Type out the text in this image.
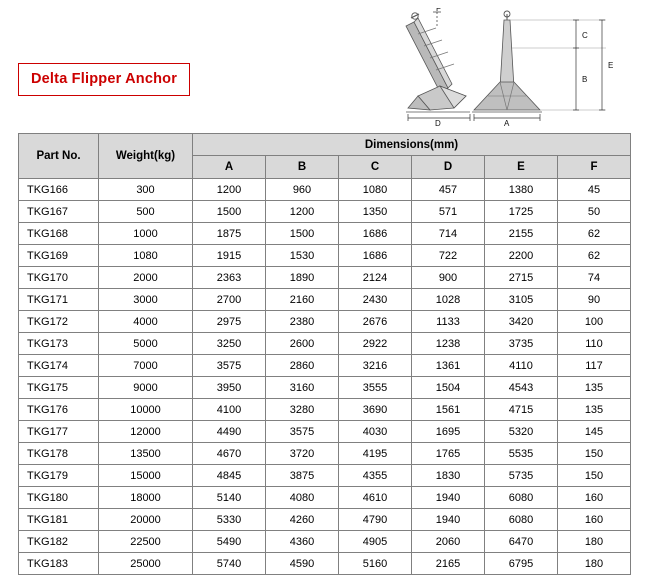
Delta Flipper Anchor
F
D	A
C
B
E
Part No.	Weight(kg)	Dimensions(mm)					
		A	B	C	D	E	F
TKG166	300	1200	960	1080	457	1380	45
TKG167	500	1500	1200	1350	571	1725	50
TKG168	1000	1875	1500	1686	714	2155	62
TKG169	1080	1915	1530	1686	722	2200	62
TKG170	2000	2363	1890	2124	900	2715	74
TKG171	3000	2700	2160	2430	1028	3105	90
TKG172	4000	2975	2380	2676	1133	3420	100
TKG173	5000	3250	2600	2922	1238	3735	110
TKG174	7000	3575	2860	3216	1361	4110	117
TKG175	9000	3950	3160	3555	1504	4543	135
TKG176	10000	4100	3280	3690	1561	4715	135
TKG177	12000	4490	3575	4030	1695	5320	145
TKG178	13500	4670	3720	4195	1765	5535	150
TKG179	15000	4845	3875	4355	1830	5735	150
TKG180	18000	5140	4080	4610	1940	6080	160
TKG181	20000	5330	4260	4790	1940	6080	160
TKG182	22500	5490	4360	4905	2060	6470	180
TKG183	25000	5740	4590	5160	2165	6795	180
